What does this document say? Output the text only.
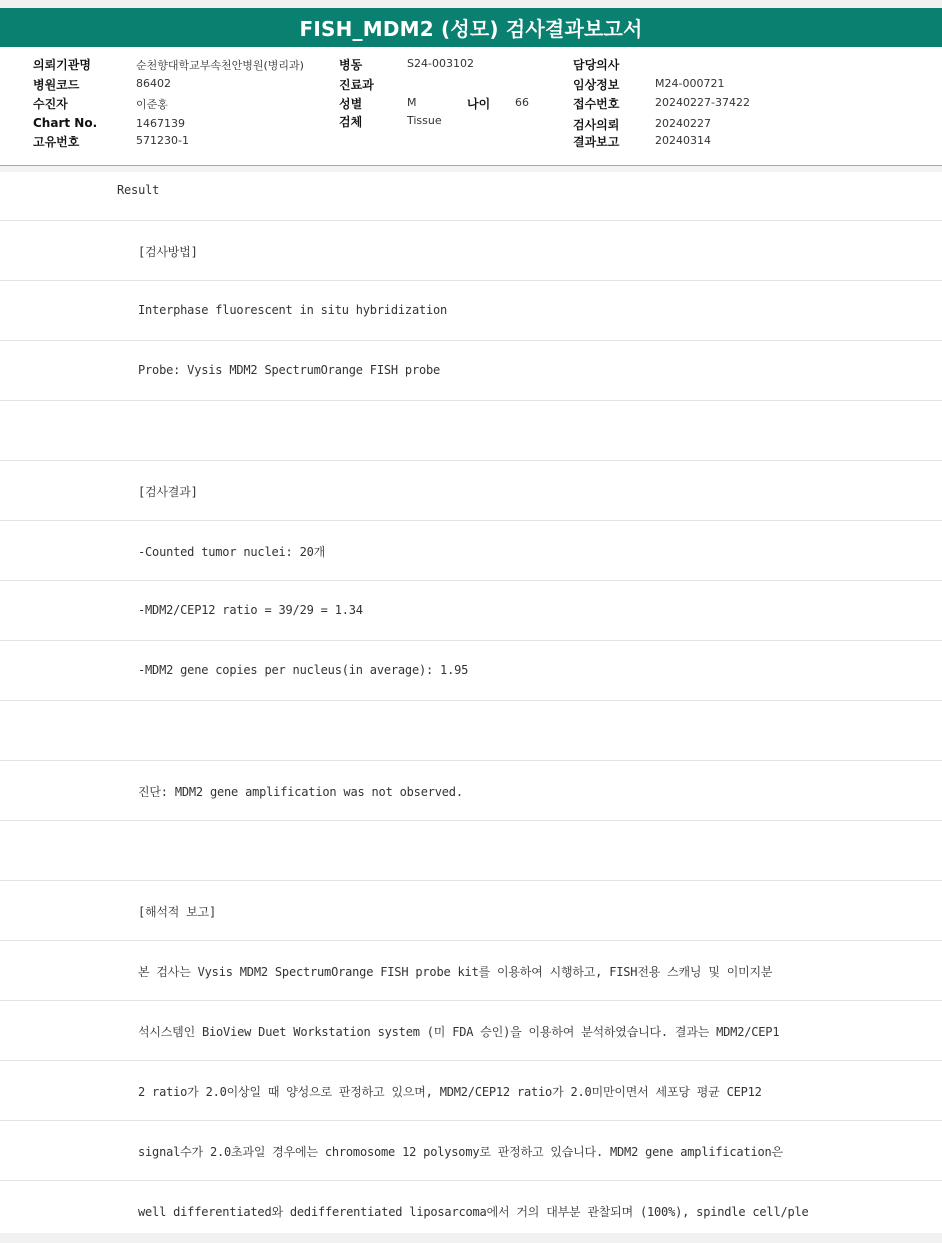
FISH_MDM2 (성모) 검사결과보고서
의뢰기관명	순천향대학교부속천안병원(병리과)
병원코드	86402
수진자	이준홍
Chart No.	1467139
고유번호	571230-1
병동	S24-003102
진료과
성별	M	나이 66
검체	Tissue
담당의사
임상정보	M24-000721
접수번호	20240227-37422
검사의뢰	20240227
결과보고	20240314
Result
[검사방법]
Interphase fluorescent in situ hybridization
Probe: Vysis MDM2 SpectrumOrange FISH probe
[검사결과]
-Counted tumor nuclei: 20개
-MDM2/CEP12 ratio = 39/29 = 1.34
-MDM2 gene copies per nucleus(in average): 1.95
진단: MDM2 gene amplification was not observed.
[해석적 보고]
본 검사는 Vysis MDM2 SpectrumOrange FISH probe kit를 이용하여 시행하고, FISH전용 스캐닝 및 이미지분
석시스템인 BioView Duet Workstation system (미 FDA 승인)을 이용하여 분석하였습니다. 결과는 MDM2/CEP1
2 ratio가 2.0이상일 때 양성으로 판정하고 있으며, MDM2/CEP12 ratio가 2.0미만이면서 세포당 평균 CEP12
signal수가 2.0초과일 경우에는 chromosome 12 polysomy로 판정하고 있습니다. MDM2 gene amplification은
well differentiated와 dedifferentiated liposarcoma에서 거의 대부분 관찰되며 (100%), spindle cell/ple
